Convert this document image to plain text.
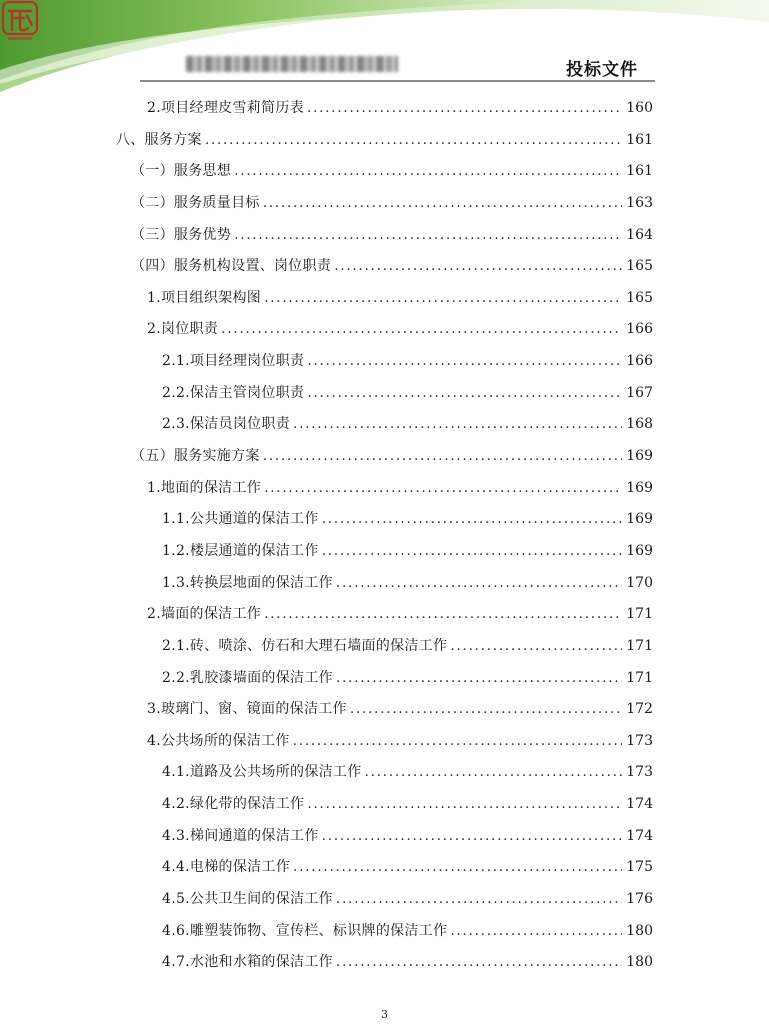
投标文件
2.项目经理皮雪莉简历表 .....	160
八、服务方案 .....	161
（一）服务思想 .....	161
（二）服务质量目标 .....	163
（三）服务优势 .....	164
（四）服务机构设置、岗位职责 .....	165
1.项目组织架构图 .....	165
2.岗位职责 .....	166
2.1.项目经理岗位职责 .....	166
2.2.保洁主管岗位职责 .....	167
2.3.保洁员岗位职责 .....	168
（五）服务实施方案 .....	169
1.地面的保洁工作 .....	169
1.1.公共通道的保洁工作 .....	169
1.2.楼层通道的保洁工作 .....	169
1.3.转换层地面的保洁工作 .....	170
2.墙面的保洁工作 .....	171
2.1.砖、喷涂、仿石和大理石墙面的保洁工作 .....	171
2.2.乳胶漆墙面的保洁工作 .....	171
3.玻璃门、窗、镜面的保洁工作 .....	172
4.公共场所的保洁工作 .....	173
4.1.道路及公共场所的保洁工作 .....	173
4.2.绿化带的保洁工作 .....	174
4.3.梯间通道的保洁工作 .....	174
4.4.电梯的保洁工作 .....	175
4.5.公共卫生间的保洁工作 .....	176
4.6.雕塑装饰物、宣传栏、标识牌的保洁工作 .....	180
4.7.水池和水箱的保洁工作 .....	180
3
